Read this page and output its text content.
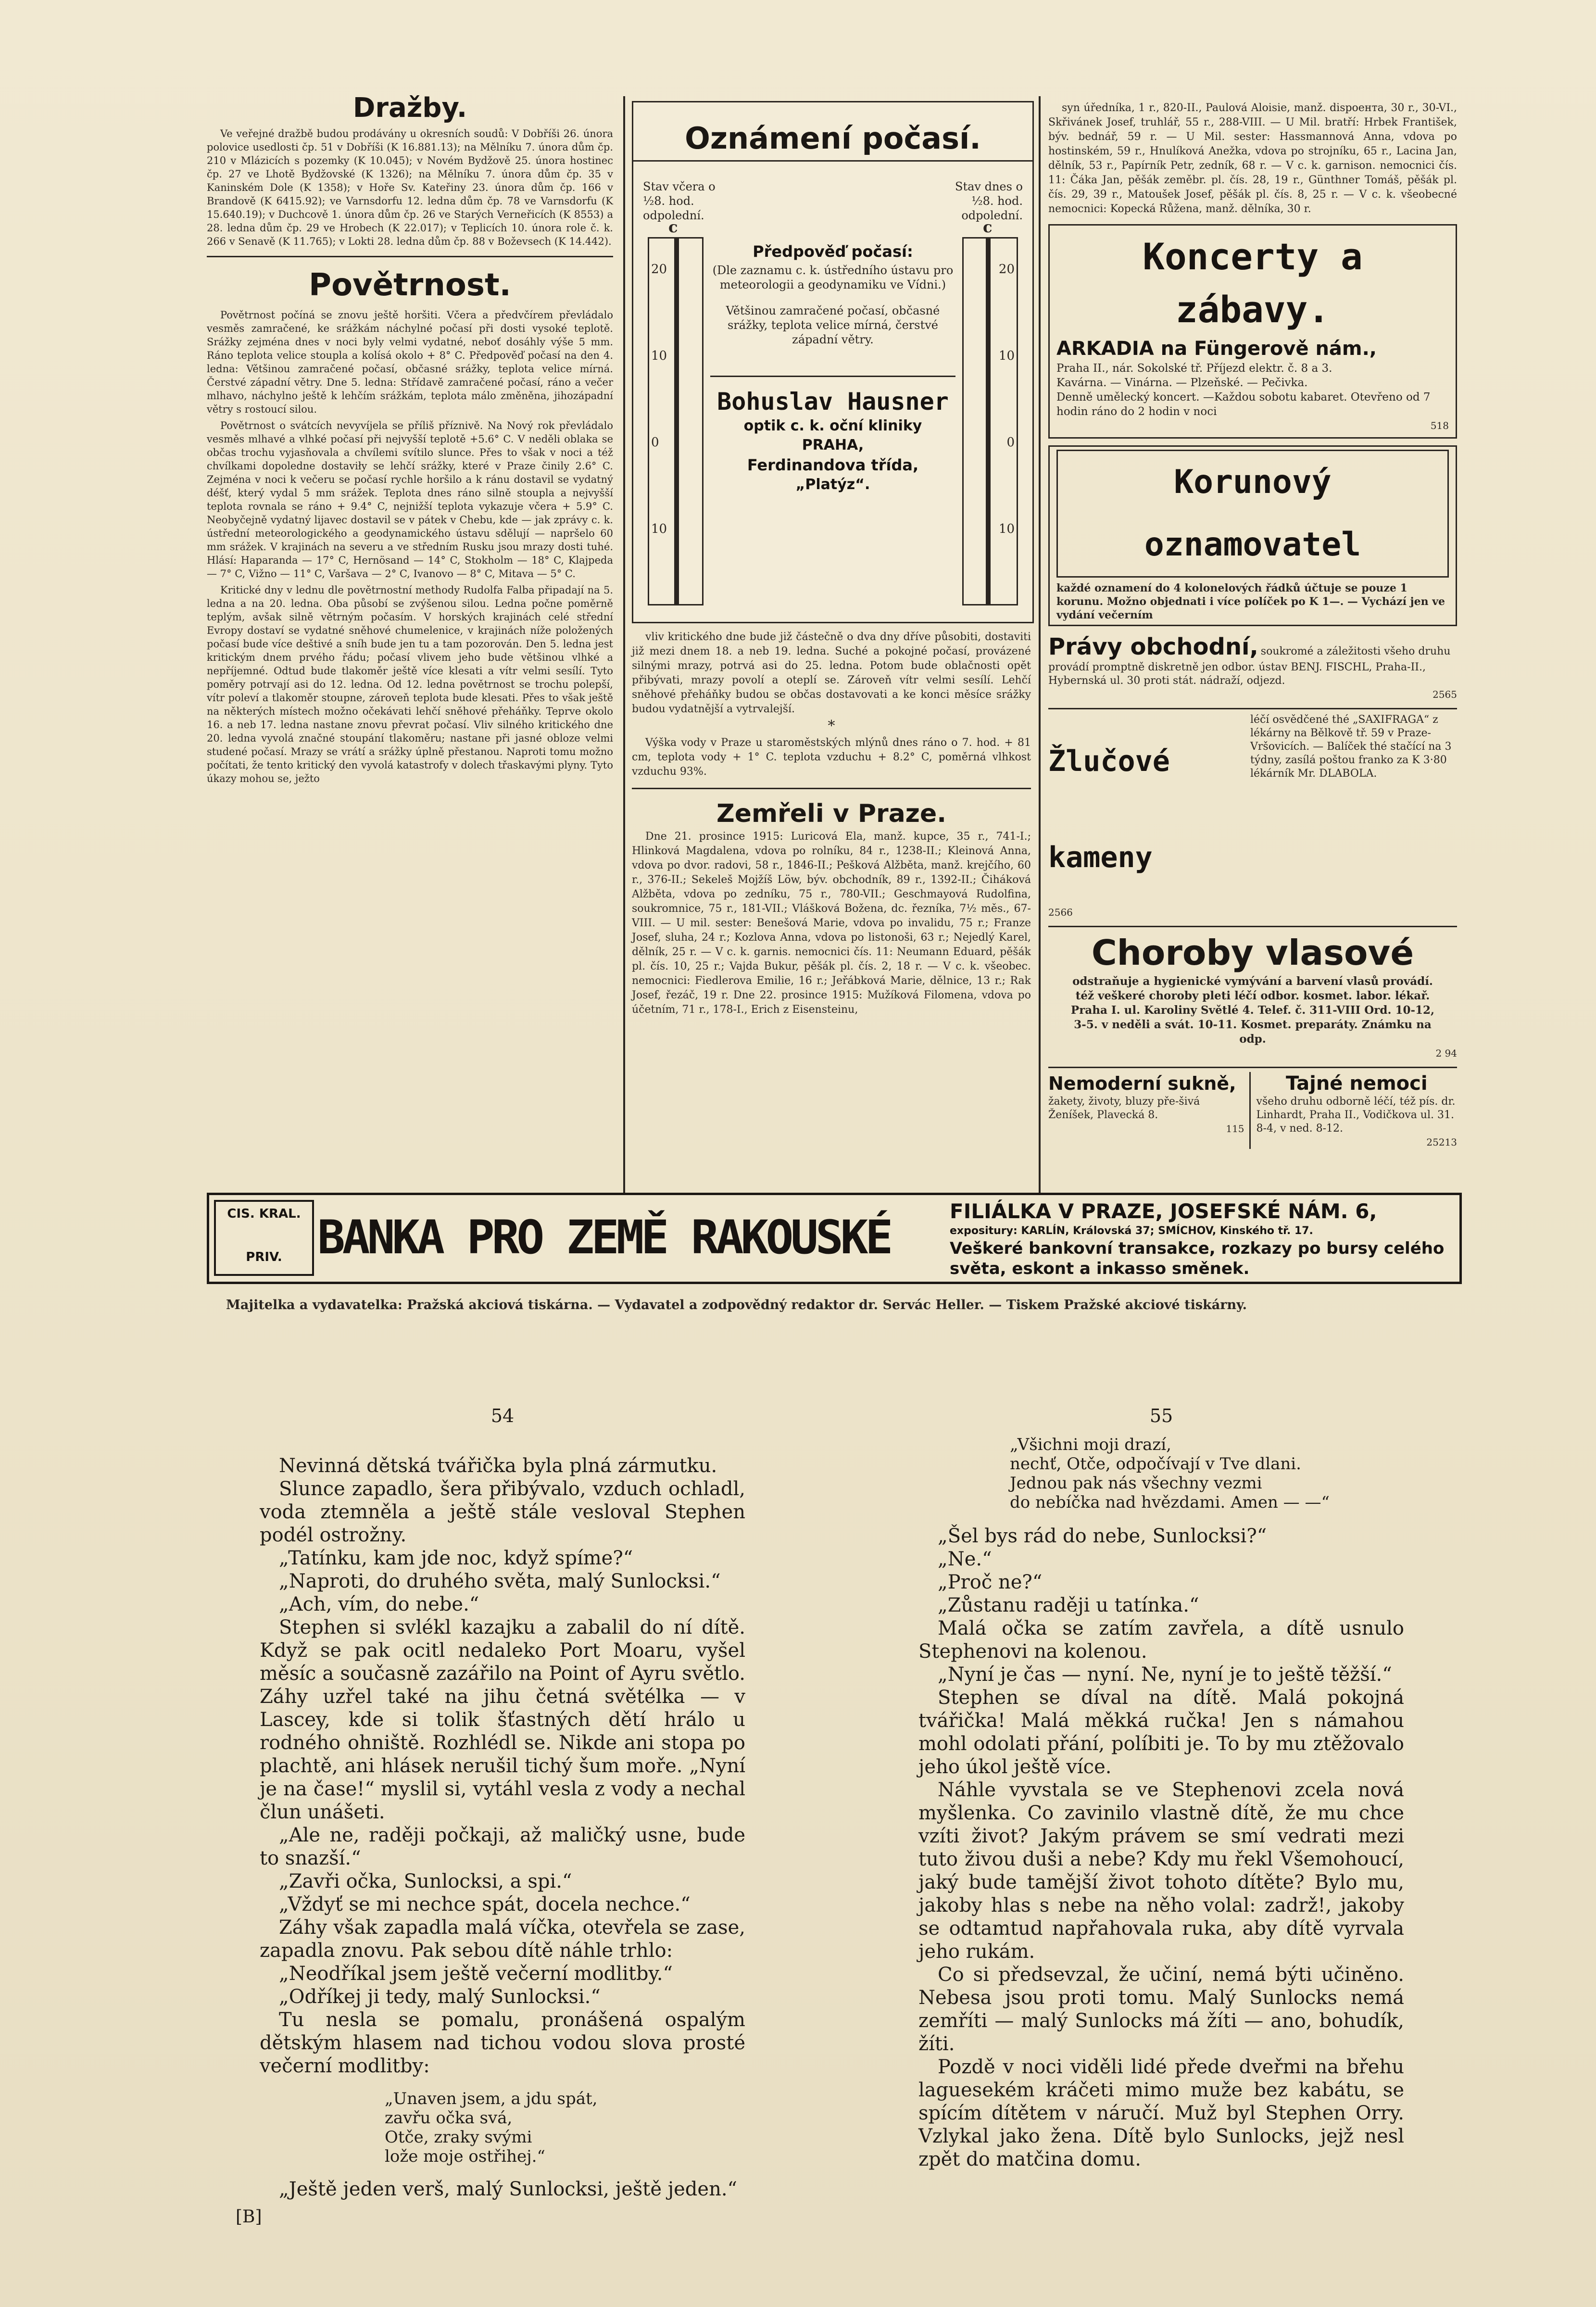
Dražby.

Ve veřejné dražbě budou prodávány u okresních soudů: V Dobříši 26. února polovice usedlosti čp. 51 v Dobříši (K 16.881.13); na Mělníku 7. února dům čp. 210 v Mlázicích s pozemky (K 10.045); v Novém Bydžově 25. února hostinec čp. 27 ve Lhotě Bydžovské (K 1326); na Mělníku 7. února dům čp. 35 v Kaninském Dole (K 1358); v Hoře Sv. Kateřiny 23. února dům čp. 166 v Brandově (K 6415.92); ve Varnsdorfu 12. ledna dům čp. 78 ve Varnsdorfu (K 15.640.19); v Duchcově 1. února dům čp. 26 ve Starých Verneřicích (K 8553) a 28. ledna dům čp. 29 ve Hrobech (K 22.017); v Teplicích 10. února role č. k. 266 v Senavě (K 11.765); v Lokti 28. ledna dům čp. 88 v Boževsech (K 14.442).

Povětrnost.

Povětrnost počíná se znovu ještě horšiti. Včera a předvčírem převládalo vesměs zamračené, ke srážkám náchylné počasí při dosti vysoké teplotě. Srážky zejména dnes v noci byly velmi vydatné, neboť dosáhly výše 5 mm. Ráno teplota velice stoupla a kolísá okolo + 8° C. Předpověď počasí na den 4. ledna: Většinou zamračené počasí, občasné srážky, teplota velice mírná. Čerstvé západní větry. Dne 5. ledna: Střídavě zamračené počasí, ráno a večer mlhavo, náchylno ještě k lehčím srážkám, teplota málo změněna, jihozápadní větry s rostoucí silou.

Povětrnost o svátcích nevyvíjela se příliš příznivě. Na Nový rok převládalo vesměs mlhavé a vlhké počasí při nejvyšší teplotě +5.6° C. V neděli oblaka se občas trochu vyjasňovala a chvílemi svítilo slunce. Přes to však v noci a též chvílkami dopoledne dostaviły se lehčí srážky, které v Praze činily 2.6° C. Zejména v noci k večeru se počasí rychle horšilo a k ránu dostavil se vydatný déšť, který vydal 5 mm srážek. Teplota dnes ráno silně stoupla a nejvyšší teplota rovnala se ráno + 9.4° C, nejnižší teplota vykazuje včera + 5.9° C. Neobyčejně vydatný lijavec dostavil se v pátek v Chebu, kde — jak zprávy c. k. ústřední meteorologického a geodynamického ústavu sdělují — napršelo 60 mm srážek. V krajinách na severu a ve středním Rusku jsou mrazy dosti tuhé. Hlásí: Haparanda — 17° C, Hernösand — 14° C, Stokholm — 18° C, Klajpeda — 7° C, Vižno — 11° C, Varšava — 2° C, Ivanovo — 8° C, Mitava — 5° C.

Kritické dny v lednu dle povětrnostní methody Rudolfa Falba připadají na 5. ledna a na 20. ledna. Oba působí se zvýšenou silou. Ledna počne poměrně teplým, avšak silně větrným počasím. V horských krajinách celé střední Evropy dostaví se vydatné sněhové chumelenice, v krajinách níže položených počasí bude více deštivé a sníh bude jen tu a tam pozorován. Den 5. ledna jest kritickým dnem prvého řádu; počasí vlivem jeho bude většinou vlhké a nepříjemné. Odtud bude tlakoměr ještě více klesati a vítr velmi sesílí. Tyto poměry potrvají asi do 12. ledna. Od 12. ledna povětrnost se trochu polepší, vítr poleví a tlakoměr stoupne, zároveň teplota bude klesati. Přes to však ještě na některých místech možno očekávati lehčí sněhové přeháňky. Teprve okolo 16. a neb 17. ledna nastane znovu převrat počasí. Vliv silného kritického dne 20. ledna vyvolá značné stoupání tlakoměru; nastane při jasné obloze velmi studené počasí. Mrazy se vrátí a srážky úplně přestanou. Naproti tomu možno počítati, že tento kritický den vyvolá katastrofy v dolech třaskavými plyny. Tyto úkazy mohou se, ježto

Oznámení počasí.
Stav včera o ½8. hod. odpolední.
Stav dnes o ½8. hod. odpolední.
c
20
10
0
10
c
20
10
0
10
Předpověď počasí:
(Dle zaznamu c. k. ústředního ústavu pro meteorologii a geodynamiku ve Vídni.)
Většinou zamračené počasí, občasné srážky, teplota velice mírná, čerstvé západní větry.
Bohuslav Hausner
optik c. k. oční kliniky
PRAHA,
Ferdinandova třída,
„Platýz“.

vliv kritického dne bude již částečně o dva dny dříve působiti, dostaviti již mezi dnem 18. a neb 19. ledna. Suché a pokojné počasí, provázené silnými mrazy, potrvá asi do 25. ledna. Potom bude oblačnosti opět přibývati, mrazy povolí a oteplí se. Zároveň vítr velmi sesílí. Lehčí sněhové přeháňky budou se občas dostavovati a ke konci měsíce srážky budou vydatnější a vytrvalejší.

*

Výška vody v Praze u staroměstských mlýnů dnes ráno o 7. hod. + 81 cm, teplota vody + 1° C. teplota vzduchu + 8.2° C, poměrná vlhkost vzduchu 93%.

Zemřeli v Praze.

Dne 21. prosince 1915: Luricová Ela, manž. kupce, 35 r., 741-I.; Hlinková Magdalena, vdova po rolníku, 84 r., 1238-II.; Kleinová Anna, vdova po dvor. radovi, 58 r., 1846-II.; Pešková Alžběta, manž. krejčího, 60 r., 376-II.; Sekeleš Mojžíš Löw, býv. obchodník, 89 r., 1392-II.; Čiháková Alžběta, vdova po zedníku, 75 r., 780-VII.; Geschmayová Rudolfina, soukromnice, 75 r., 181-VII.; Vlášková Božena, dc. řezníka, 7½ měs., 67-VIII. — U mil. sester: Benešová Marie, vdova po invalidu, 75 r.; Franze Josef, sluha, 24 r.; Kozlova Anna, vdova po listonoši, 63 r.; Nejedlý Karel, dělník, 25 r. — V c. k. garnis. nemocnici čís. 11: Neumann Eduard, pěšák pl. čís. 10, 25 r.; Vajda Bukur, pěšák pl. čís. 2, 18 r. — V c. k. všeobec. nemocnici: Fiedlerova Emilie, 16 r.; Jeřábková Marie, dělnice, 13 r.; Rak Josef, řezáč, 19 r. Dne 22. prosince 1915: Mužíková Filomena, vdova po účetním, 71 r., 178-I., Erich z Eisensteinu,

syn úředníka, 1 r., 820-II., Paulová Aloisie, manž. dispoента, 30 r., 30-VI., Skřivánek Josef, truhlář, 55 r., 288-VIII. — U Mil. bratří: Hrbek František, býv. bednář, 59 r. — U Mil. sester: Hassmannová Anna, vdova po hostinském, 59 r., Hnulíková Anežka, vdova po strojníku, 65 r., Lacina Jan, dělník, 53 r., Papírník Petr, zedník, 68 r. — V c. k. garnison. nemocnici čís. 11: Čáka Jan, pěšák zeměbr. pl. čís. 28, 19 r., Günthner Tomáš, pěšák pl. čís. 29, 39 r., Matoušek Josef, pěšák pl. čís. 8, 25 r. — V c. k. všeobecné nemocnici: Kopecká Růžena, manž. dělníka, 30 r.

Koncerty a zábavy.
ARKADIA na Füngerově nám.,
Praha II., nár. Sokolské tř. Příjezd elektr. č. 8 a 3.
Kavárna. — Vinárna. — Plzeňské. — Pečivka.
Denně umělecký koncert. —Každou sobotu kabaret. Otevřeno od 7 hodin ráno do 2 hodin v noci
518
Korunový oznamovatel
každé oznamení do 4 kolonelových řádků účtuje se pouze 1 korunu. Možno objednati i více políček po K 1—. — Vychází jen ve vydání večerním
Právy obchodní, soukromé a záležitosti všeho druhu provádí promptně diskretně jen odbor. ústav BENJ. FISCHL, Praha-II., Hybernská ul. 30 proti stát. nádraží, odjezd.
2565
Žlučové kameny
léčí osvědčené thé „SAXIFRAGA“ z lékárny na Bělkově tř. 59 v Praze-Vršovicích. — Balíček thé stačící na 3 týdny, zasílá poštou franko za K 3·80 lékárník Mr. DLABOLA.
2566
Choroby vlasové
odstraňuje a hygienické vymývání a barvení vlasů provádí. též veškeré choroby pleti léčí odbor. kosmet. labor. lékař. Praha I. ul. Karoliny Světlé 4. Telef. č. 311-VIII Ord. 10-12, 3-5. v neděli a svát. 10-11. Kosmet. preparáty. Známku na odp.
2 94
Nemoderní sukně,
žakety, životy, bluzy pře-šivá Ženíšek, Plavecká 8.
115
Tajné nemoci
všeho druhu odborně léčí, též pís. dr. Linhardt, Praha II., Vodičkova ul. 31. 8-4, v ned. 8-12.
25213
CIS. KRAL.
PRIV. BANKA PRO ZEMĚ RAKOUSKÉ	FILIÁLKA V PRAZE, JOSEFSKÉ NÁM. 6,
expositury: KARLÍN, Královská 37; SMÍCHOV, Kinského tř. 17.
Veškeré bankovní transakce, rozkazy po bursy celého světa, eskont a inkasso směnek.
Majitelka a vydavatelka: Pražská akciová tiskárna. — Vydavatel a zodpovědný redaktor dr. Servác Heller. — Tiskem Pražské akciové tiskárny.
54

Nevinná dětská tvářička byla plná zármutku.

Slunce zapadlo, šera přibývalo, vzduch ochladl, voda ztemněla a ještě stále veslоval Stephen podél ostrožny.

„Tatínku, kam jde noc, když spíme?“

„Naproti, do druhého světa, malý Sunlocksi.“

„Ach, vím, do nebe.“

Stephen si svlékl kazajku a zabalil do ní dítě. Když se pak ocitl nedaleko Port Moaru, vyšel měsíc a současně zazářilo na Point of Ayru světlo. Záhy uzřel také na jihu četná světélka — v Lascey, kde si tolik šťastných dětí hrálo u rodného ohniště. Rozhlédl se. Nikde ani stopa po plachtě, ani hlásek nerušil tichý šum moře. „Nyní je na čase!“ myslil si, vytáhl vesla z vody a nechal člun unášeti.

„Ale ne, raději počkaji, až maličký usne, bude to snazší.“

„Zavři očka, Sunlocksi, a spi.“

„Vždyť se mi nechce spát, docela nechce.“

Záhy však zapadla malá víčka, otevřela se zase, zapadla znovu. Pak sebou dítě náhle trhlo:

„Neodříkal jsem ještě večerní modlitby.“

„Odříkej ji tedy, malý Sunlocksi.“

Tu nesla se pomalu, pronášená ospalým dětským hlasem nad tichou vodou slova prosté večerní modlitby:

„Unaven jsem, a jdu spát,
zavřu očka svá,
Otče, zraky svými
lože mojе ostřihej.“

„Ještě jeden verš, malý Sunlocksi, ještě jeden.“

[B]
55
„Všichni moji drazí,
nechť, Otče, odpočívají v Tve dlani.
Jednou pak nás všechny vezmi
do nebíčka nad hvězdami. Amen — —“

„Šel bys rád do nebe, Sunlocksi?“

„Ne.“

„Proč ne?“

„Zůstanu raději u tatínka.“

Malá očka se zatím zavřela, a dítě usnulo Stephenovi na kolenou.

„Nyní je čas — nyní. Ne, nyní je to ještě těžší.“

Stephen se díval na dítě. Malá pokojná tvářička! Malá měkká ručka! Jen s námahou mohl odolati přání, políbiti je. To by mu ztěžovalo jeho úkol ještě více.

Náhle vyvstala se ve Stephenovi zcela nová myšlenka. Co zavinilo vlastně dítě, že mu chce vzíti život? Jakým právem se smí vedrati mezi tuto živou duši a nebe? Kdy mu řekl Všemohoucí, jaký bude tamější život tohoto dítěte? Bylo mu, jakoby hlas s nebe na něho volal: zadrž!, jakoby se odtamtud napřahovala ruka, aby dítě vyrvala jeho rukám.

Co si předsevzal, že učiní, nemá býti učiněno. Nebesa jsou proti tomu. Malý Sunlocks nemá zemříti — malý Sunlocks má žíti — ano, bohudík, žíti.

Pozdě v noci viděli lidé přede dveřmi na břehu laguesekém kráčeti mimo muže bez kabátu, se spícím dítětem v náručí. Muž byl Stephen Orry. Vzlykal jako žena. Dítě bylo Sunlocks, jejž nesl zpět do matčina domu.
